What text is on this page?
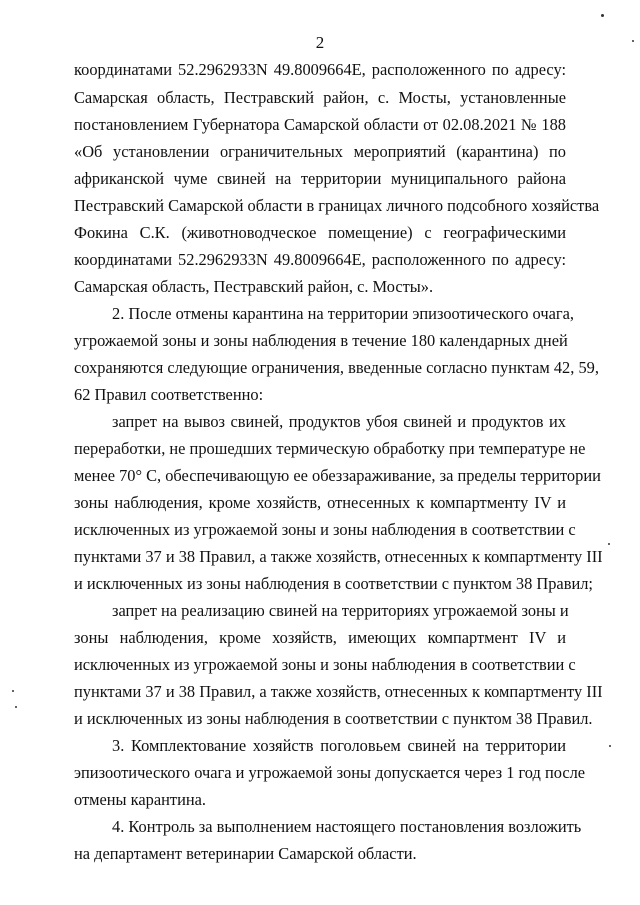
2
координатами 52.2962933N 49.8009664E, расположенного по адресу:
Самарская область, Пестравский район, с. Мосты, установленные
постановлением Губернатора Самарской области от 02.08.2021 № 188
«Об установлении ограничительных мероприятий (карантина) по
африканской чуме свиней на территории муниципального района
Пестравский Самарской области в границах личного подсобного хозяйства
Фокина С.К. (животноводческое помещение) с географическими
координатами 52.2962933N 49.8009664E, расположенного по адресу:
Самарская область, Пестравский район, с. Мосты».
2. После отмены карантина на территории эпизоотического очага,
угрожаемой зоны и зоны наблюдения в течение 180 календарных дней
сохраняются следующие ограничения, введенные согласно пунктам 42, 59,
62 Правил соответственно:
запрет на вывоз свиней, продуктов убоя свиней и продуктов их
переработки, не прошедших термическую обработку при температуре не
менее 70° С, обеспечивающую ее обеззараживание, за пределы территории
зоны наблюдения, кроме хозяйств, отнесенных к компартменту IV и
исключенных из угрожаемой зоны и зоны наблюдения в соответствии с
пунктами 37 и 38 Правил, а также хозяйств, отнесенных к компартменту III
и исключенных из зоны наблюдения в соответствии с пунктом 38 Правил;
запрет на реализацию свиней на территориях угрожаемой зоны и
зоны наблюдения, кроме хозяйств, имеющих компартмент IV и
исключенных из угрожаемой зоны и зоны наблюдения в соответствии с
пунктами 37 и 38 Правил, а также хозяйств, отнесенных к компартменту III
и исключенных из зоны наблюдения в соответствии с пунктом 38 Правил.
3. Комплектование хозяйств поголовьем свиней на территории
эпизоотического очага и угрожаемой зоны допускается через 1 год после
отмены карантина.
4. Контроль за выполнением настоящего постановления возложить
на департамент ветеринарии Самарской области.
